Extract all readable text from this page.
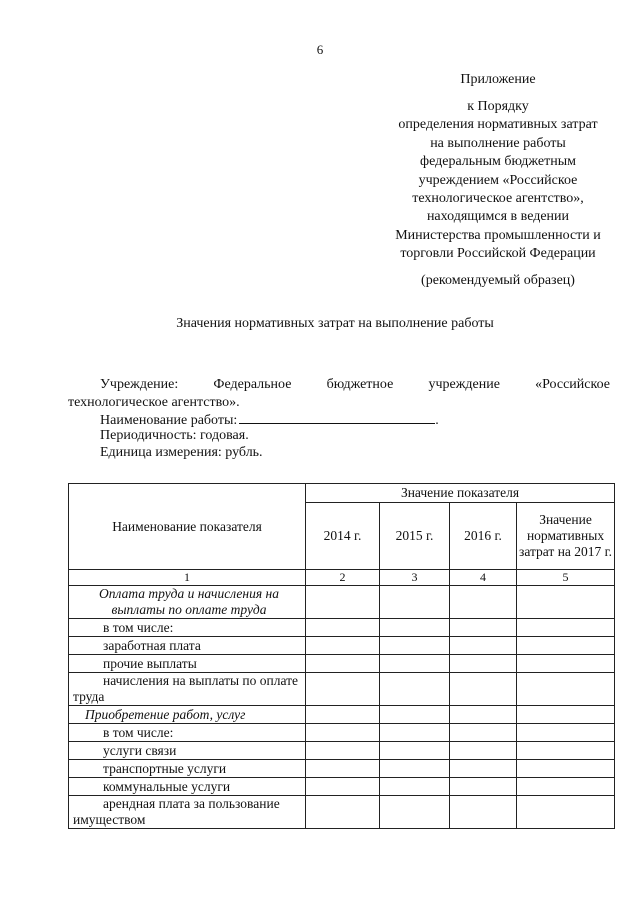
6
Приложение
к Порядку
определения нормативных затрат
на выполнение работы
федеральным бюджетным
учреждением «Российское
технологическое агентство»,
находящимся в ведении
Министерства промышленности и
торговли Российской Федерации
(рекомендуемый образец)
Значения нормативных затрат на выполнение работы
Учреждение:	Федеральное	бюджетное	учреждение	«Российское
технологическое агентство».
Наименование работы:	.
Периодичность: годовая.
Единица измерения: рубль.
Наименование показателя	Значение показателя			
	2014 г.	2015 г.	2016 г.	Значение нормативных затрат на 2017 г.
1	2	3	4	5
Оплата труда и начисления на выплаты по оплате труда				
в том числе:				
заработная плата				
прочие выплаты				
начисления на выплаты по оплате труда				
Приобретение работ, услуг				
в том числе:				
услуги связи				
транспортные услуги				
коммунальные услуги				
арендная плата за пользование имуществом				
